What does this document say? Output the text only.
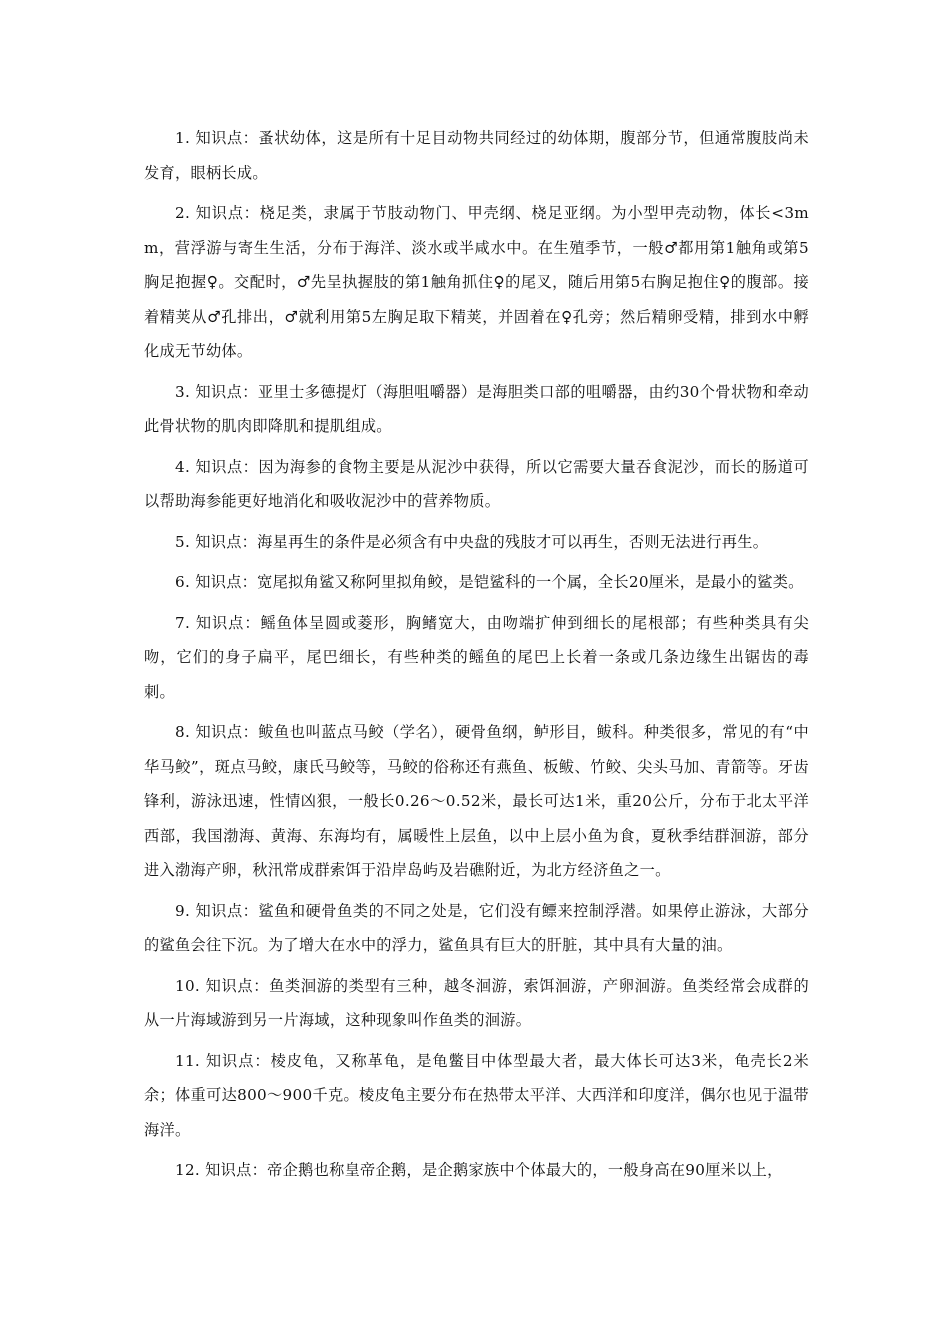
1. 知识点：蚤状幼体，这是所有十足目动物共同经过的幼体期，腹部分节，但通常腹肢尚未发育，眼柄长成。

2. 知识点：桡足类，隶属于节肢动物门、甲壳纲、桡足亚纲。为小型甲壳动物，体长<3mm，营浮游与寄生生活，分布于海洋、淡水或半咸水中。在生殖季节，一般♂都用第1触角或第5胸足抱握♀。交配时，♂先呈执握肢的第1触角抓住♀的尾叉，随后用第5右胸足抱住♀的腹部。接着精荚从♂孔排出，♂就利用第5左胸足取下精荚，并固着在♀孔旁；然后精卵受精，排到水中孵化成无节幼体。

3. 知识点：亚里士多德提灯（海胆咀嚼器）是海胆类口部的咀嚼器，由约30个骨状物和牵动此骨状物的肌肉即降肌和提肌组成。

4. 知识点：因为海参的食物主要是从泥沙中获得，所以它需要大量吞食泥沙，而长的肠道可以帮助海参能更好地消化和吸收泥沙中的营养物质。

5. 知识点：海星再生的条件是必须含有中央盘的残肢才可以再生，否则无法进行再生。

6. 知识点：宽尾拟角鲨又称阿里拟角鲛，是铠鲨科的一个属，全长20厘米，是最小的鲨类。

7. 知识点：鳐鱼体呈圆或菱形，胸鳍宽大，由吻端扩伸到细长的尾根部；有些种类具有尖吻，它们的身子扁平，尾巴细长，有些种类的鳐鱼的尾巴上长着一条或几条边缘生出锯齿的毒刺。

8. 知识点：鲅鱼也叫蓝点马鲛（学名），硬骨鱼纲，鲈形目，鲅科。种类很多，常见的有“中华马鲛”，斑点马鲛，康氏马鲛等，马鲛的俗称还有燕鱼、板鲅、竹鲛、尖头马加、青箭等。牙齿锋利，游泳迅速，性情凶狠，一般长0.26～0.52米，最长可达1米，重20公斤，分布于北太平洋西部，我国渤海、黄海、东海均有，属暖性上层鱼，以中上层小鱼为食，夏秋季结群洄游，部分进入渤海产卵，秋汛常成群索饵于沿岸岛屿及岩礁附近，为北方经济鱼之一。

9. 知识点：鲨鱼和硬骨鱼类的不同之处是，它们没有鳔来控制浮潜。如果停止游泳，大部分的鲨鱼会往下沉。为了增大在水中的浮力，鲨鱼具有巨大的肝脏，其中具有大量的油。

10. 知识点：鱼类洄游的类型有三种，越冬洄游，索饵洄游，产卵洄游。鱼类经常会成群的从一片海域游到另一片海域，这种现象叫作鱼类的洄游。

11. 知识点：棱皮龟，又称革龟，是龟鳖目中体型最大者，最大体长可达3米，龟壳长2米余；体重可达800～900千克。棱皮龟主要分布在热带太平洋、大西洋和印度洋，偶尔也见于温带海洋。

12. 知识点：帝企鹅也称皇帝企鹅，是企鹅家族中个体最大的，一般身高在90厘米以上，
